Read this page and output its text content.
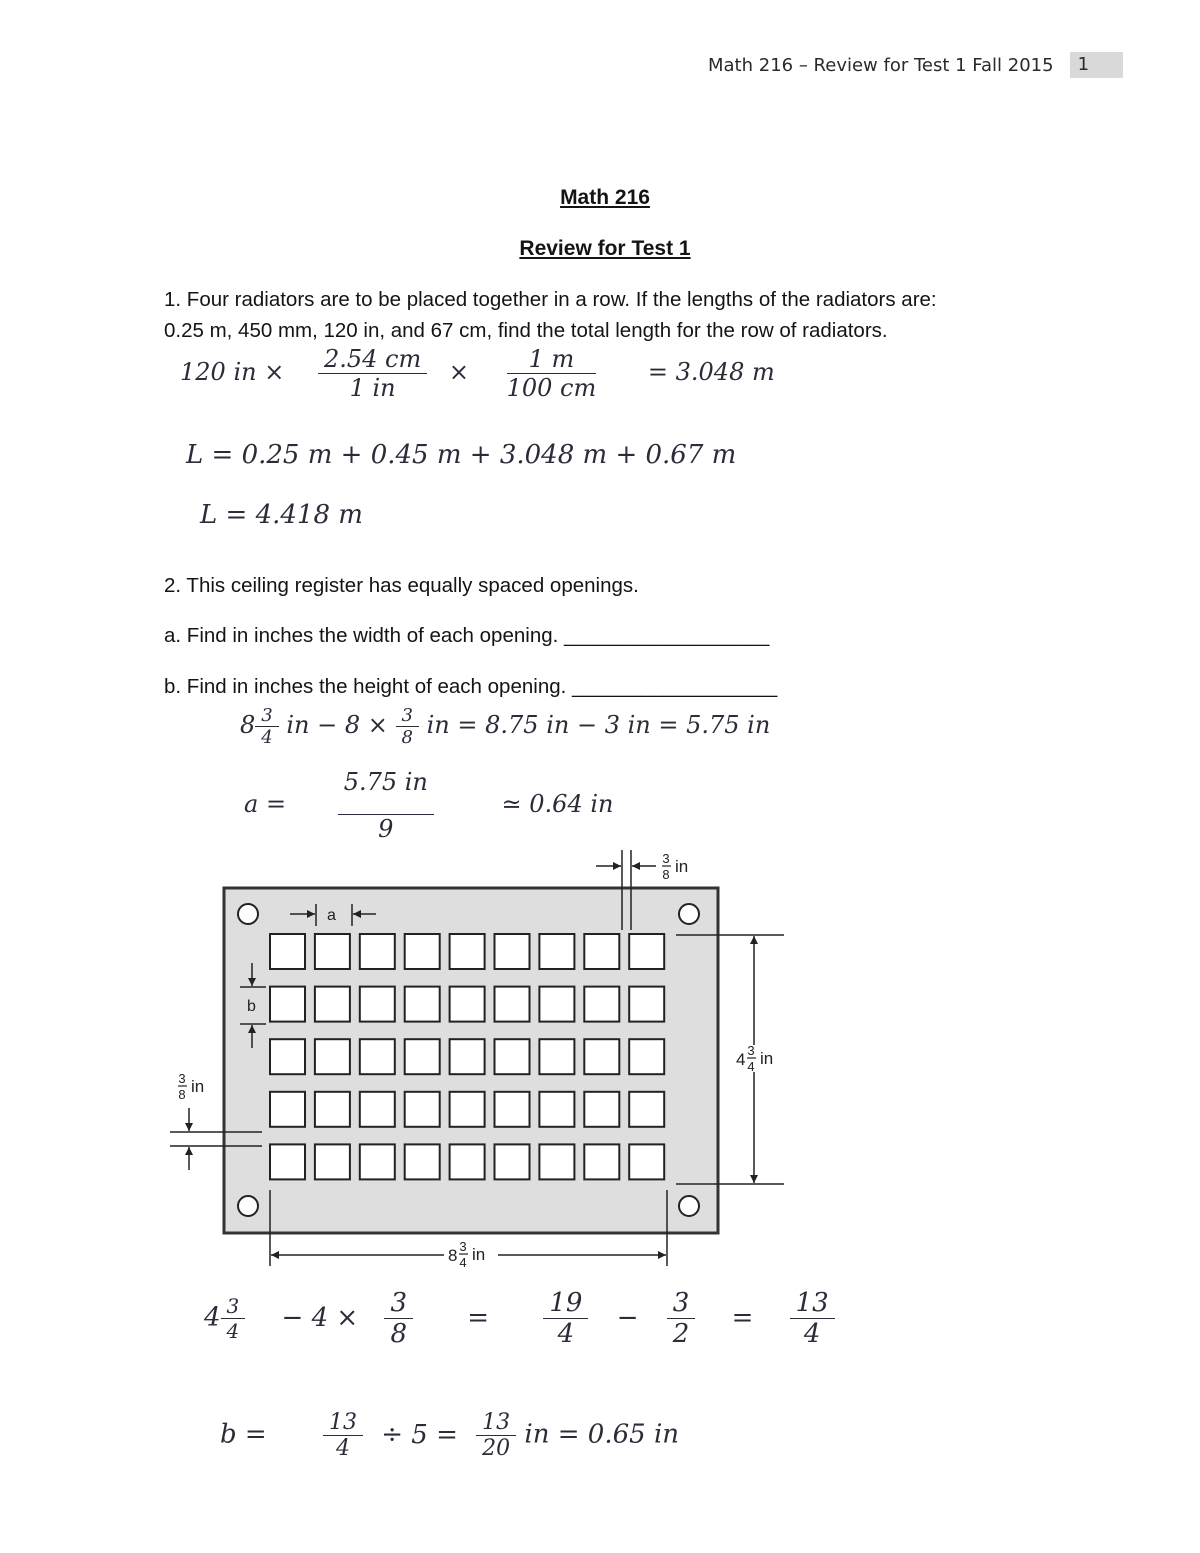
Math 216 – Review for Test 1 Fall 2015	1
Math 216
Review for Test 1
1. Four radiators are to be placed together in a row. If the lengths of the radiators are:
0.25 m, 450 mm, 120 in, and 67 cm, find the total length for the row of radiators.
120 in × $\frac{2.54 cm}{1 in} \times \frac{1 m}{100 cm} = 3.048$ m
L = 0.25 m + 0.45 m + 3.048 m + 0.67 m
L = 4.418 m
2. This ceiling register has equally spaced openings.
a. Find in inches the width of each opening. __________________
b. Find in inches the height of each opening. __________________
$8 \frac{3}{4}$ in − $8 \times \frac{3}{8}$ in = 8.75 in − 3 in = 5.75 in
$a = \frac{5.75 in}{9}$	≃ 0.64 in
3
8 in
a
b
3
8 in
4 3
4 in
8 3
4 in
$4 \frac{3}{4} - 4 \times \frac{3}{8} = \frac{19}{4} - \frac{3}{2} = \frac{13}{4}$
b =	$\frac{13}{4} \div 5 = \frac{13}{20}$ in = 0.65 in
